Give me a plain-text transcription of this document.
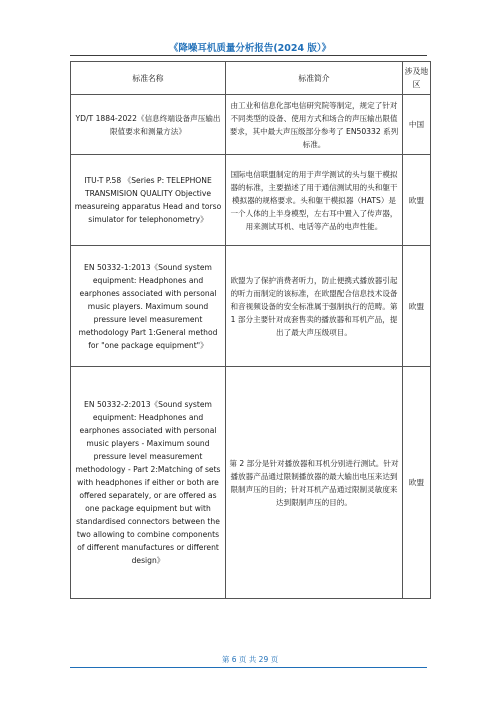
《降噪耳机质量分析报告(2024 版）》
标准名称	标准简介	涉及地区
YD/T 1884-2022《信息终端设备声压输出限值要求和测量方法》	由工业和信息化部电信研究院等制定，规定了针对不同类型的设备、使用方式和场合的声压输出限值要求，其中最大声压级部分参考了 EN50332 系列标准。	中国
ITU-T P.58 《Series P: TELEPHONE TRANSMISION QUALITY Objective measureing apparatus Head and torso simulator for telephonometry》	国际电信联盟制定的用于声学测试的头与躯干模拟器的标准，主要描述了用于通信测试用的头和躯干模拟器的规格要求。头和躯干模拟器（HATS）是一个人体的上半身模型，左右耳中置入了传声器，用来测试耳机、电话等产品的电声性能。	欧盟
EN 50332-1:2013《Sound system equipment: Headphones and earphones associated with personal music players. Maximum sound pressure level measurement methodology Part 1:General method for "one package equipment"》	欧盟为了保护消费者听力，防止便携式播放器引起的听力而制定的该标准，在欧盟配合信息技术设备和音视频设备的安全标准属于强制执行的范畴。第 1 部分主要针对成套售卖的播放器和耳机产品，提出了最大声压级项目。	欧盟
EN 50332-2:2013《Sound system equipment: Headphones and earphones associated with personal music players - Maximum sound pressure level measurement methodology - Part 2:Matching of sets with headphones if either or both are offered separately, or are offered as one package equipment but with standardised connectors between the two allowing to combine components of different manufactures or different design》	第 2 部分是针对播放器和耳机分别进行测试。针对播放器产品通过限制播放器的最大输出电压来达到限制声压的目的；针对耳机产品通过限制灵敏度来达到限制声压的目的。	欧盟
第 6 页 共 29 页
